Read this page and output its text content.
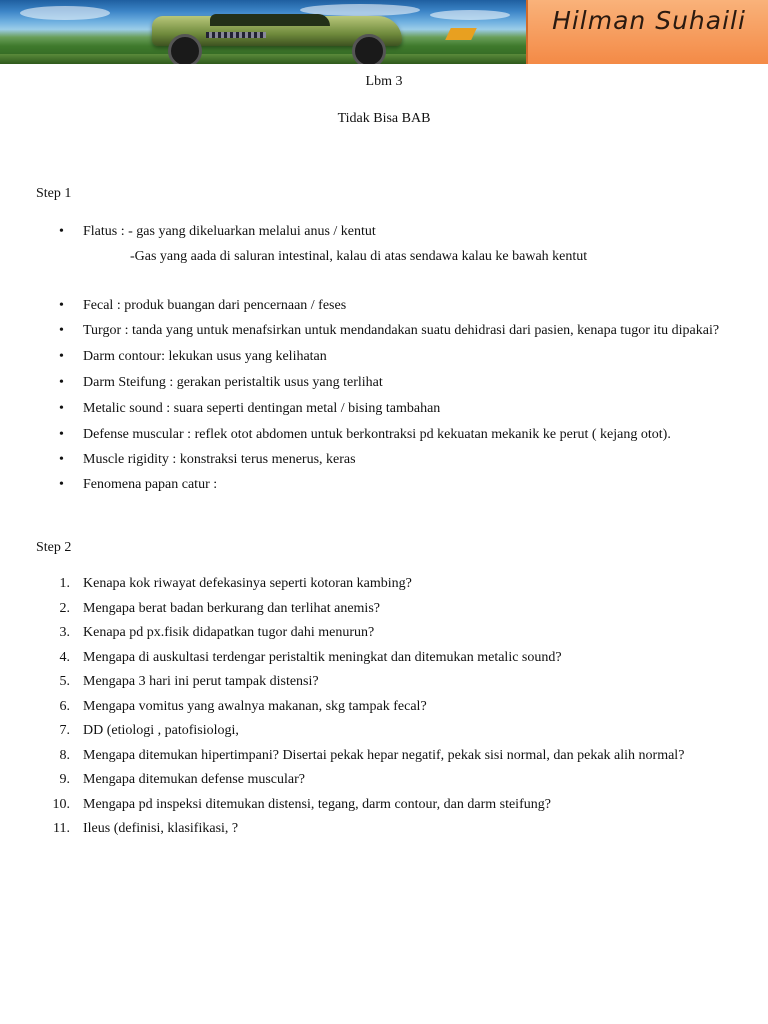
Hilman Suhaili
Lbm 3
Tidak Bisa BAB
Step 1
• Flatus : - gas yang dikeluarkan melalui anus / kentut
• Fecal : produk buangan dari pencernaan / feses
• Turgor : tanda yang untuk menafsirkan untuk mendandakan suatu dehidrasi dari pasien, kenapa tugor itu dipakai?
• Darm contour: lekukan usus yang kelihatan
• Darm Steifung : gerakan peristaltik usus yang terlihat
• Metalic sound : suara seperti dentingan metal / bising tambahan
• Defense muscular : reflek otot abdomen untuk berkontraksi pd kekuatan mekanik ke perut ( kejang otot).
• Muscle rigidity : konstraksi terus menerus, keras
• Fenomena papan catur :
-Gas yang aada di saluran intestinal, kalau di atas sendawa kalau ke bawah kentut
Step 2
1. Kenapa kok riwayat defekasinya seperti kotoran kambing?
2. Mengapa berat badan berkurang dan terlihat anemis?
3. Kenapa pd px.fisik didapatkan tugor dahi menurun?
4. Mengapa di auskultasi terdengar peristaltik meningkat dan ditemukan metalic sound?
5. Mengapa 3 hari ini perut tampak distensi?
6. Mengapa vomitus yang awalnya makanan, skg tampak fecal?
7. DD (etiologi , patofisiologi,
8. Mengapa ditemukan hipertimpani? Disertai pekak hepar negatif, pekak sisi normal, dan pekak alih normal?
9. Mengapa ditemukan defense muscular?
10. Mengapa pd inspeksi ditemukan distensi, tegang, darm contour, dan darm steifung?
11. Ileus (definisi, klasifikasi, ?
